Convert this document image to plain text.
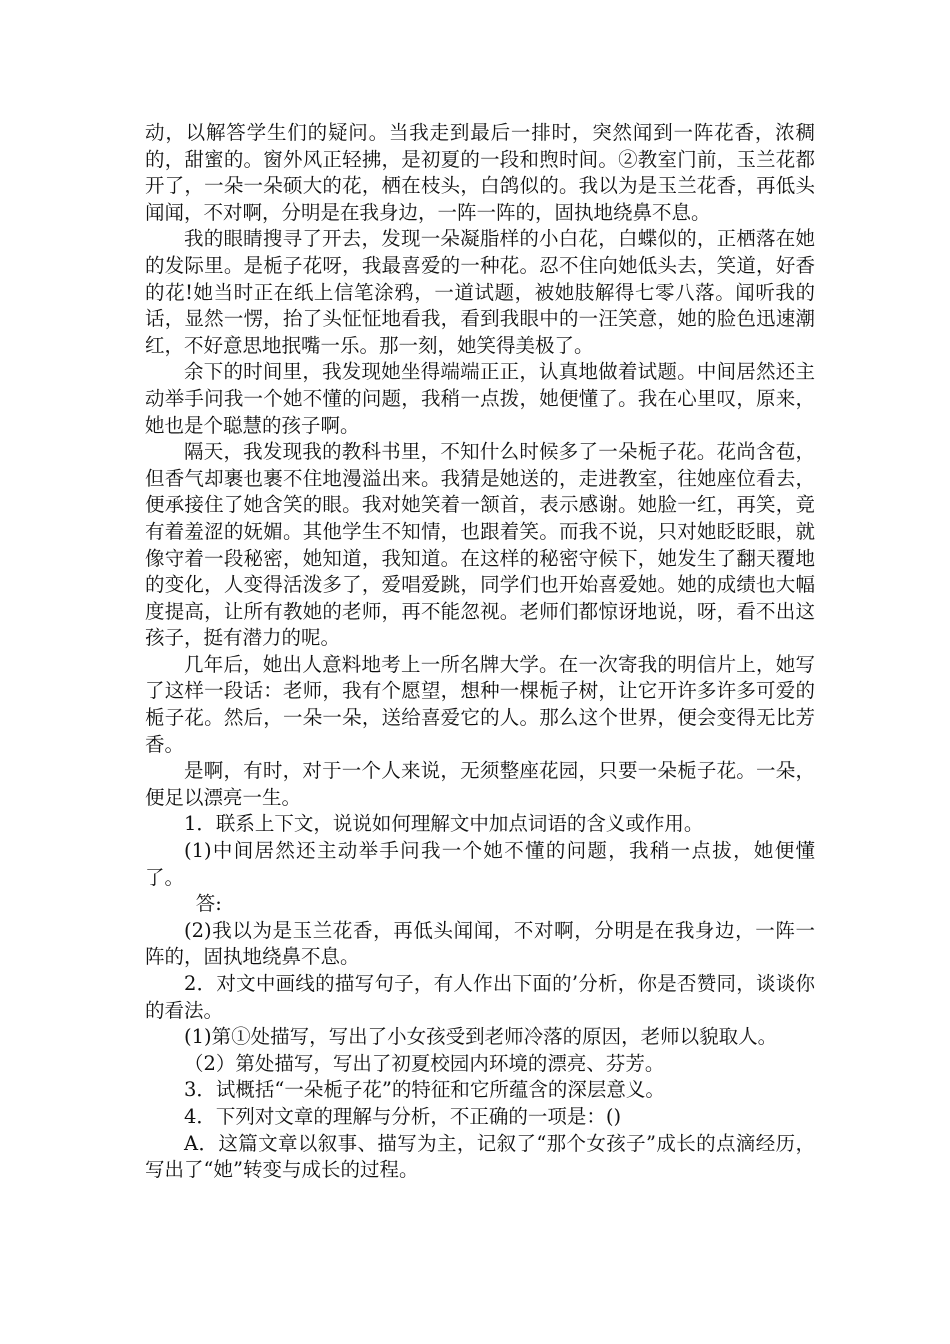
动，以解答学生们的疑问。当我走到最后一排时，突然闻到一阵花香，浓稠的，甜蜜的。窗外风正轻拂，是初夏的一段和煦时间。②教室门前，玉兰花都开了，一朵一朵硕大的花，栖在枝头，白鸽似的。我以为是玉兰花香，再低头闻闻，不对啊，分明是在我身边，一阵一阵的，固执地绕鼻不息。

我的眼睛搜寻了开去，发现一朵凝脂样的小白花，白蝶似的，正栖落在她的发际里。是栀子花呀，我最喜爱的一种花。忍不住向她低头去，笑道，好香的花!她当时正在纸上信笔涂鸦，一道试题，被她肢解得七零八落。闻听我的话，显然一愣，抬了头怔怔地看我，看到我眼中的一汪笑意，她的脸色迅速潮红，不好意思地抿嘴一乐。那一刻，她笑得美极了。

余下的时间里，我发现她坐得端端正正，认真地做着试题。中间居然还主动举手问我一个她不懂的问题，我稍一点拨，她便懂了。我在心里叹，原来，她也是个聪慧的孩子啊。

隔天，我发现我的教科书里，不知什么时候多了一朵栀子花。花尚含苞，但香气却裹也裹不住地漫溢出来。我猜是她送的，走进教室，往她座位看去，便承接住了她含笑的眼。我对她笑着一颔首，表示感谢。她脸一红，再笑，竟有着羞涩的妩媚。其他学生不知情，也跟着笑。而我不说，只对她眨眨眼，就像守着一段秘密，她知道，我知道。在这样的秘密守候下，她发生了翻天覆地的变化，人变得活泼多了，爱唱爱跳，同学们也开始喜爱她。她的成绩也大幅度提高，让所有教她的老师，再不能忽视。老师们都惊讶地说，呀，看不出这孩子，挺有潜力的呢。

几年后，她出人意料地考上一所名牌大学。在一次寄我的明信片上，她写了这样一段话：老师，我有个愿望，想种一棵栀子树，让它开许多许多可爱的栀子花。然后，一朵一朵，送给喜爱它的人。那么这个世界，便会变得无比芳香。

是啊，有时，对于一个人来说，无须整座花园，只要一朵栀子花。一朵，便足以漂亮一生。

1．联系上下文，说说如何理解文中加点词语的含义或作用。

(1)中间居然还主动举手问我一个她不懂的问题，我稍一点拔，她便懂了。

答:

(2)我以为是玉兰花香，再低头闻闻，不对啊，分明是在我身边，一阵一阵的，固执地绕鼻不息。

2．对文中画线的描写句子，有人作出下面的’分析，你是否赞同，谈谈你的看法。

(1)第①处描写，写出了小女孩受到老师冷落的原因，老师以貌取人。

（2）第处描写，写出了初夏校园内环境的漂亮、芬芳。

3．试概括“一朵栀子花”的特征和它所蕴含的深层意义。

4．下列对文章的理解与分析，不正确的一项是：()

A．这篇文章以叙事、描写为主，记叙了“那个女孩子”成长的点滴经历，写出了“她”转变与成长的过程。
